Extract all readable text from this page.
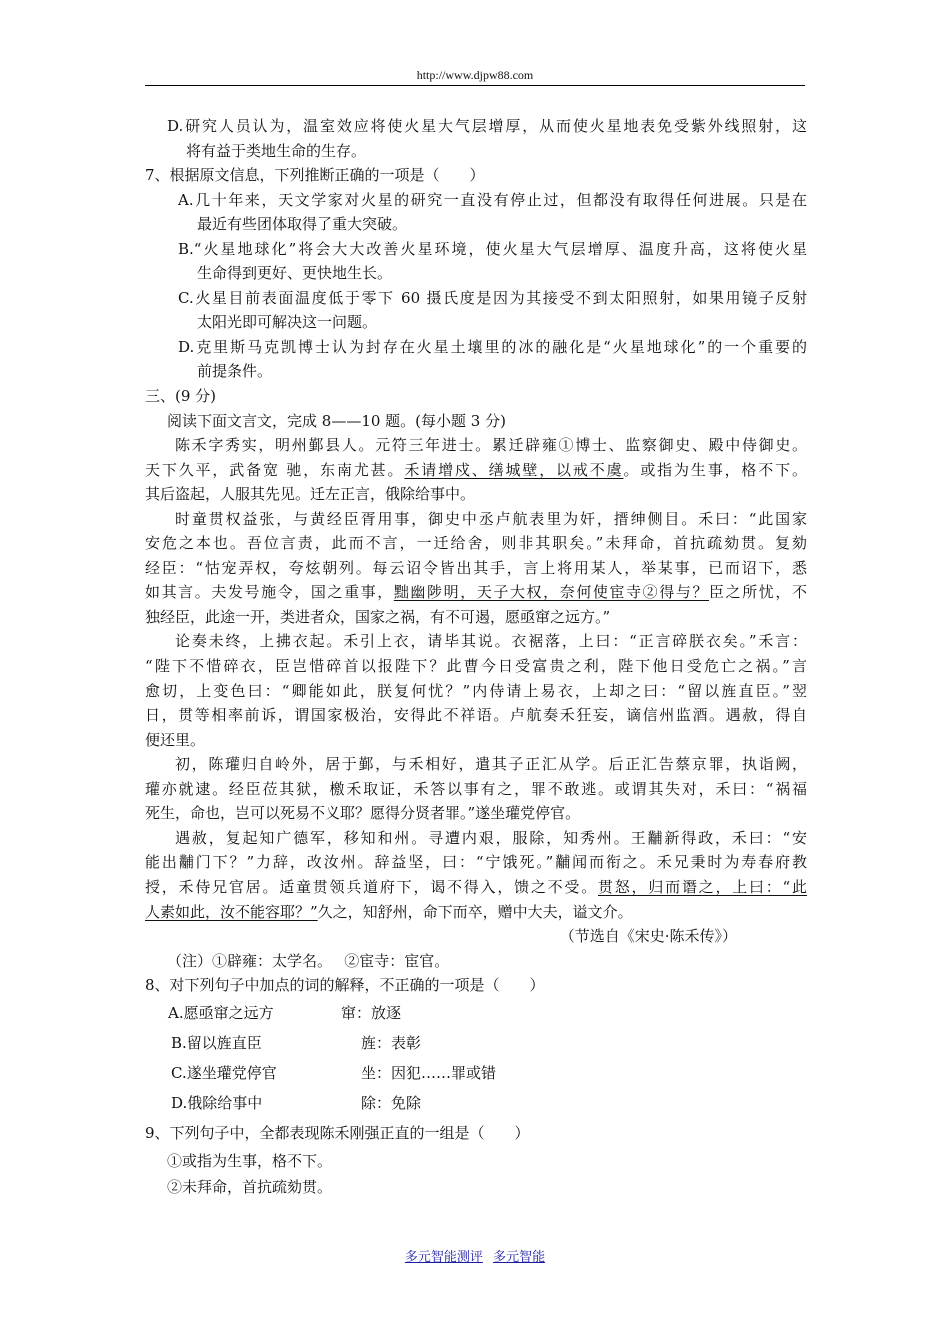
http://www.djpw88.com
D.研究人员认为，温室效应将使火星大气层增厚，从而使火星地表免受紫外线照射，这
将有益于类地生命的生存。
7、根据原文信息，下列推断正确的一项是（　　）
A.几十年来，天文学家对火星的研究一直没有停止过，但都没有取得任何进展。只是在
最近有些团体取得了重大突破。
B.“火星地球化”将会大大改善火星环境，使火星大气层增厚、温度升高，这将使火星
生命得到更好、更快地生长。
C.火星目前表面温度低于零下 60 摄氏度是因为其接受不到太阳照射，如果用镜子反射
太阳光即可解决这一问题。
D.克里斯马克凯博士认为封存在火星土壤里的冰的融化是“火星地球化”的一个重要的
前提条件。
三、(9 分)
阅读下面文言文，完成 8——10 题。(每小题 3 分)
陈禾字秀实，明州鄞县人。元符三年进士。累迁辟雍①博士、监察御史、殿中侍御史。
天下久平，武备宽 驰，东南尤甚。禾请增戍、缮城壁，以戒不虞。或指为生事，格不下。
其后盗起，人服其先见。迁左正言，俄除给事中。
时童贯权益张，与黄经臣胥用事，御史中丞卢航表里为奸，搢绅侧目。禾曰：“此国家
安危之本也。吾位言责，此而不言，一迁给舍，则非其职矣。”未拜命，首抗疏劾贯。复劾
经臣：“怙宠弄权，夸炫朝列。每云诏令皆出其手，言上将用某人，举某事，已而诏下，悉
如其言。夫发号施令，国之重事，黜幽陟明，天子大权，奈何使宦寺②得与？臣之所忧，不
独经臣，此途一开，类进者众，国家之祸，有不可遏，愿亟窜之远方。”
论奏未终，上拂衣起。禾引上衣，请毕其说。衣裾落，上曰：“正言碎朕衣矣。”禾言：
“陛下不惜碎衣，臣岂惜碎首以报陛下？此曹今日受富贵之利，陛下他日受危亡之祸。”言
愈切，上变色曰：“卿能如此，朕复何忧？”内侍请上易衣，上却之曰：“留以旌直臣。”翌
日，贯等相率前诉，谓国家极治，安得此不祥语。卢航奏禾狂妄，谪信州监酒。遇赦，得自
便还里。
初，陈瓘归自岭外，居于鄞，与禾相好，遣其子正汇从学。后正汇告蔡京罪，执诣阙，
瓘亦就逮。经臣莅其狱，檄禾取证，禾答以事有之，罪不敢逃。或谓其失对，禾曰：“祸福
死生，命也，岂可以死易不义耶？愿得分贤者罪。”遂坐瓘党停官。
遇赦，复起知广德军，移知和州。寻遭内艰，服除，知秀州。王黼新得政，禾曰：“安
能出黼门下？”力辞，改汝州。辞益坚，曰：“宁饿死。”黼闻而衔之。禾兄秉时为寿春府教
授，禾侍兄官居。适童贯领兵道府下，谒不得入，馈之不受。贯怒，归而谮之，上曰：“此
人素如此，汝不能容耶？”久之，知舒州，命下而卒，赠中大夫，谥文介。
（节选自《宋史·陈禾传》）
（注）①辟雍：太学名。　 ②宦寺：宦官。
8、对下列句子中加点的词的解释，不正确的一项是（　　）
A.愿亟窜之远方	窜：放逐
B.留以旌直臣	旌：表彰
C.遂坐瓘党停官	坐：因犯……罪或错
D.俄除给事中	除：免除
9、下列句子中，全都表现陈禾刚强正直的一组是（　　）
①或指为生事，格不下。
②未拜命，首抗疏劾贯。
多元智能测评 多元智能
